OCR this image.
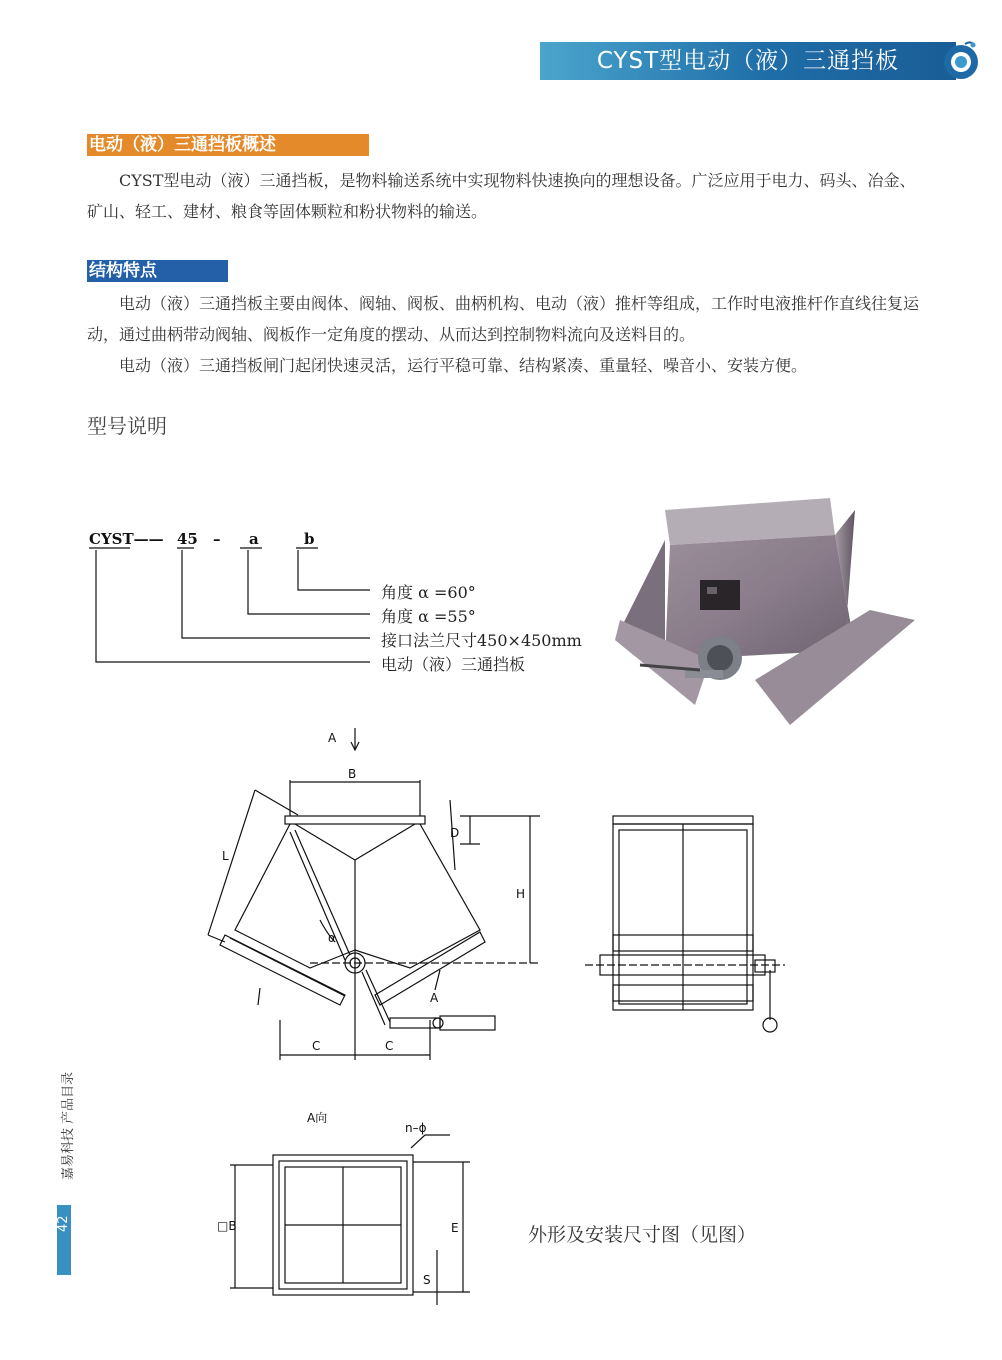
CYST型电动（液）三通挡板
电动（液）三通挡板概述
CYST型电动（液）三通挡板，是物料输送系统中实现物料快速换向的理想设备。广泛应用于电力、码头、冶金、矿山、轻工、建材、粮食等固体颗粒和粉状物料的输送。
结构特点
电动（液）三通挡板主要由阀体、阀轴、阀板、曲柄机构、电动（液）推杆等组成，工作时电液推杆作直线往复运动，通过曲柄带动阀轴、阀板作一定角度的摆动、从而达到控制物料流向及送料目的。
电动（液）三通挡板闸门起闭快速灵活，运行平稳可靠、结构紧凑、重量轻、噪音小、安装方便。
型号说明
CYST—— 45 – a	b
角度 α =60°
角度 α =55°
接口法兰尺寸450×450mm
电动（液）三通挡板
A
B
L
D
H
α
A
C	C
A向
n–ϕ
□B	E
S
外形及安装尺寸图（见图）
42
嘉易科技 产品目录
